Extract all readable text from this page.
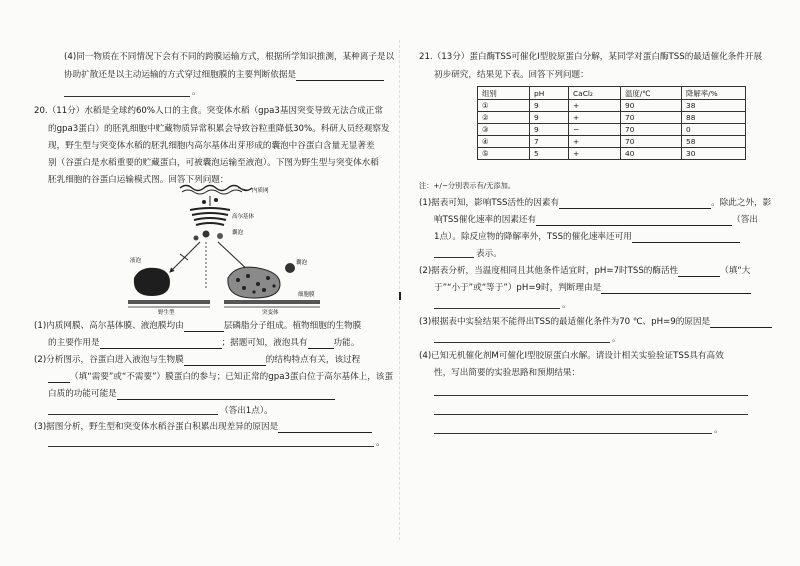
(4)同一物质在不同情况下会有不同的跨膜运输方式，根据所学知识推测，某种离子是以
协助扩散还是以主动运输的方式穿过细胞膜的主要判断依据是
。
20.（11分）水稻是全球约60%人口的主食。突变体水稻（gpa3基因突变导致无法合成正常
的gpa3蛋白）的胚乳细胞中贮藏物质异常积累会导致谷粒重降低30%。科研人员经观察发
现，野生型与突变体水稻的胚乳细胞内高尔基体出芽形成的囊泡中谷蛋白含量无显著差
别（谷蛋白是水稻重要的贮藏蛋白，可被囊泡运输至液泡）。下图为野生型与突变体水稻
胚乳细胞的谷蛋白运输模式图。回答下列问题：
内质网
高尔基体
囊泡
液泡	囊泡
细胞膜
野生型	突变体
(1)内质网膜、高尔基体膜、液泡膜均由	层磷脂分子组成。植物细胞的生物膜
的主要作用是	；据题可知，液泡具有	功能。
(2)分析图示，谷蛋白进入液泡与生物膜	的结构特点有关，该过程
（填“需要”或“不需要”）膜蛋白的参与；已知正常的gpa3蛋白位于高尔基体上，该蛋
白质的功能可能是
（答出1点）。
(3)据图分析，野生型和突变体水稻谷蛋白积累出现差异的原因是
。
21.（13分）蛋白酶TSS可催化Ⅰ型胶原蛋白分解，某同学对蛋白酶TSS的最适催化条件开展
初步研究，结果见下表。回答下列问题：
组别	pH	CaCl₂	温度/℃	降解率/%
①	9	+	90	38
②	9	+	70	88
③	9	−	70	0
④	7	+	70	58
⑤	5	+	40	30
注：+/−分别表示有/无添加。
(1)据表可知，影响TSS活性的因素有	。除此之外，影
响TSS催化速率的因素还有	（答出
1点）。除反应物的降解率外，TSS的催化速率还可用
表示。
(2)据表分析，当温度相同且其他条件适宜时，pH=7时TSS的酶活性	（填“大
于”“小于”或“等于”）pH=9时，判断理由是
。
(3)根据表中实验结果不能得出TSS的最适催化条件为70 ℃、pH=9的原因是
。
(4)已知无机催化剂M可催化Ⅰ型胶原蛋白水解。请设计相关实验验证TSS具有高效
性，写出简要的实验思路和预期结果：
。
